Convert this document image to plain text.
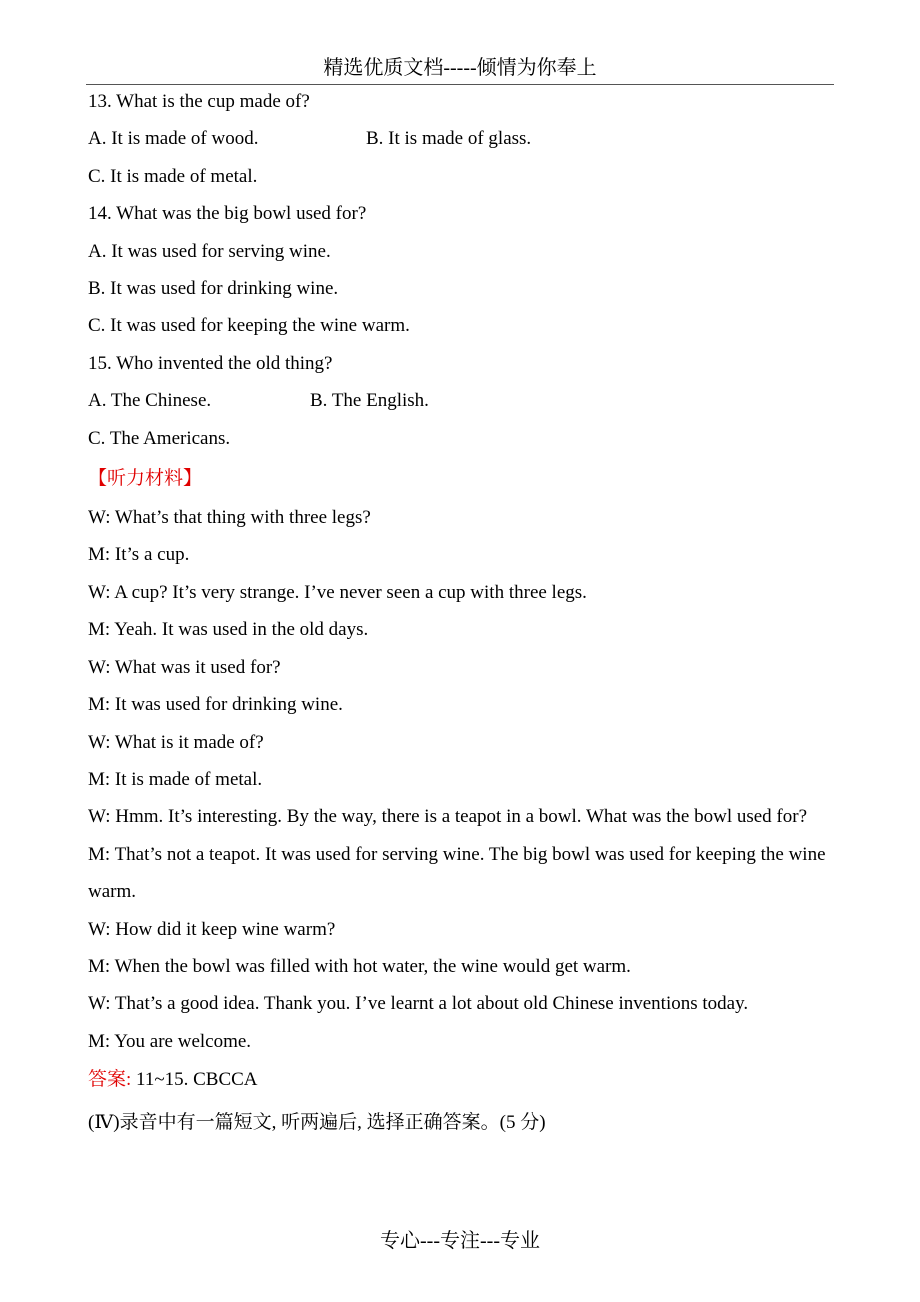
精选优质文档-----倾情为你奉上
13. What is the cup made of?
A. It is made of wood.	B. It is made of glass.
C. It is made of metal.
14. What was the big bowl used for?
A. It was used for serving wine.
B. It was used for drinking wine.
C. It was used for keeping the wine warm.
15. Who invented the old thing?
A. The Chinese.	B. The English.
C. The Americans.
【听力材料】
W: What’s that thing with three legs?
M: It’s a cup.
W: A cup? It’s very strange. I’ve never seen a cup with three legs.
M: Yeah. It was used in the old days.
W: What was it used for?
M: It was used for drinking wine.
W: What is it made of?
M: It is made of metal.
W: Hmm. It’s interesting. By the way, there is a teapot in a bowl. What was the bowl used for?
M: That’s not a teapot. It was used for serving wine. The big bowl was used for keeping the wine warm.
W: How did it keep wine warm?
M: When the bowl was filled with hot water, the wine would get warm.
W: That’s a good idea. Thank you. I’ve learnt a lot about old Chinese inventions today.
M: You are welcome.
答案: 11~15. CBCCA
(Ⅳ)录音中有一篇短文, 听两遍后, 选择正确答案。(5 分)
专心---专注---专业
